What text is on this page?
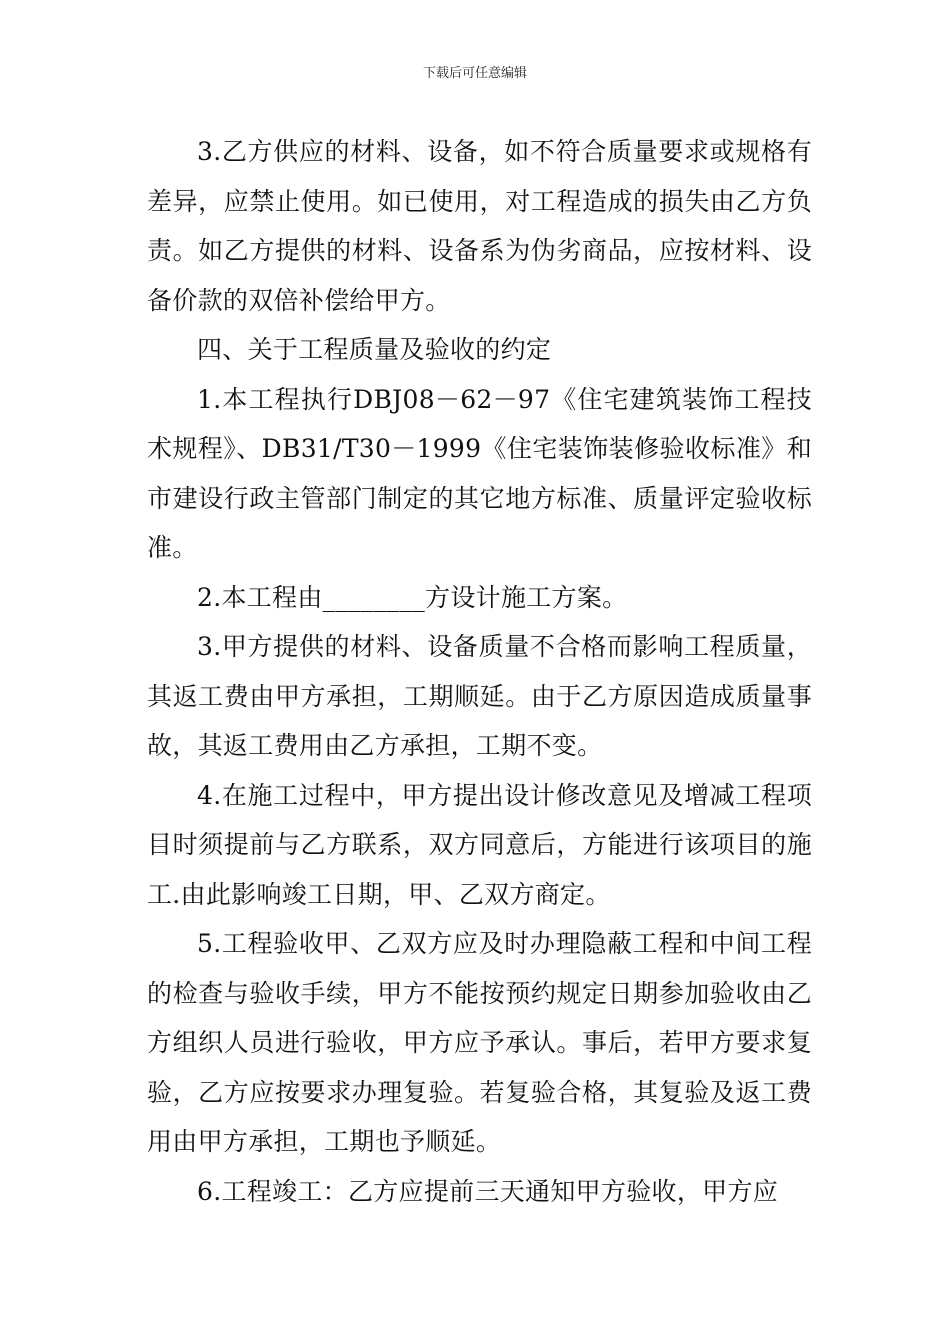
下载后可任意编辑

3.乙方供应的材料、设备，如不符合质量要求或规格有差异，应禁止使用。如已使用，对工程造成的损失由乙方负责。如乙方提供的材料、设备系为伪劣商品，应按材料、设备价款的双倍补偿给甲方。

四、关于工程质量及验收的约定

1.本工程执行DBJ08－62－97《住宅建筑装饰工程技术规程》、DB31/T30－1999《住宅装饰装修验收标准》和市建设行政主管部门制定的其它地方标准、质量评定验收标准。

2.本工程由________方设计施工方案。

3.甲方提供的材料、设备质量不合格而影响工程质量，其返工费由甲方承担，工期顺延。由于乙方原因造成质量事故，其返工费用由乙方承担，工期不变。

4.在施工过程中，甲方提出设计修改意见及增减工程项目时须提前与乙方联系，双方同意后，方能进行该项目的施工.由此影响竣工日期，甲、乙双方商定。

5.工程验收甲、乙双方应及时办理隐蔽工程和中间工程的检查与验收手续，甲方不能按预约规定日期参加验收由乙方组织人员进行验收，甲方应予承认。事后，若甲方要求复验，乙方应按要求办理复验。若复验合格，其复验及返工费用由甲方承担，工期也予顺延。

6.工程竣工：乙方应提前三天通知甲方验收，甲方应
